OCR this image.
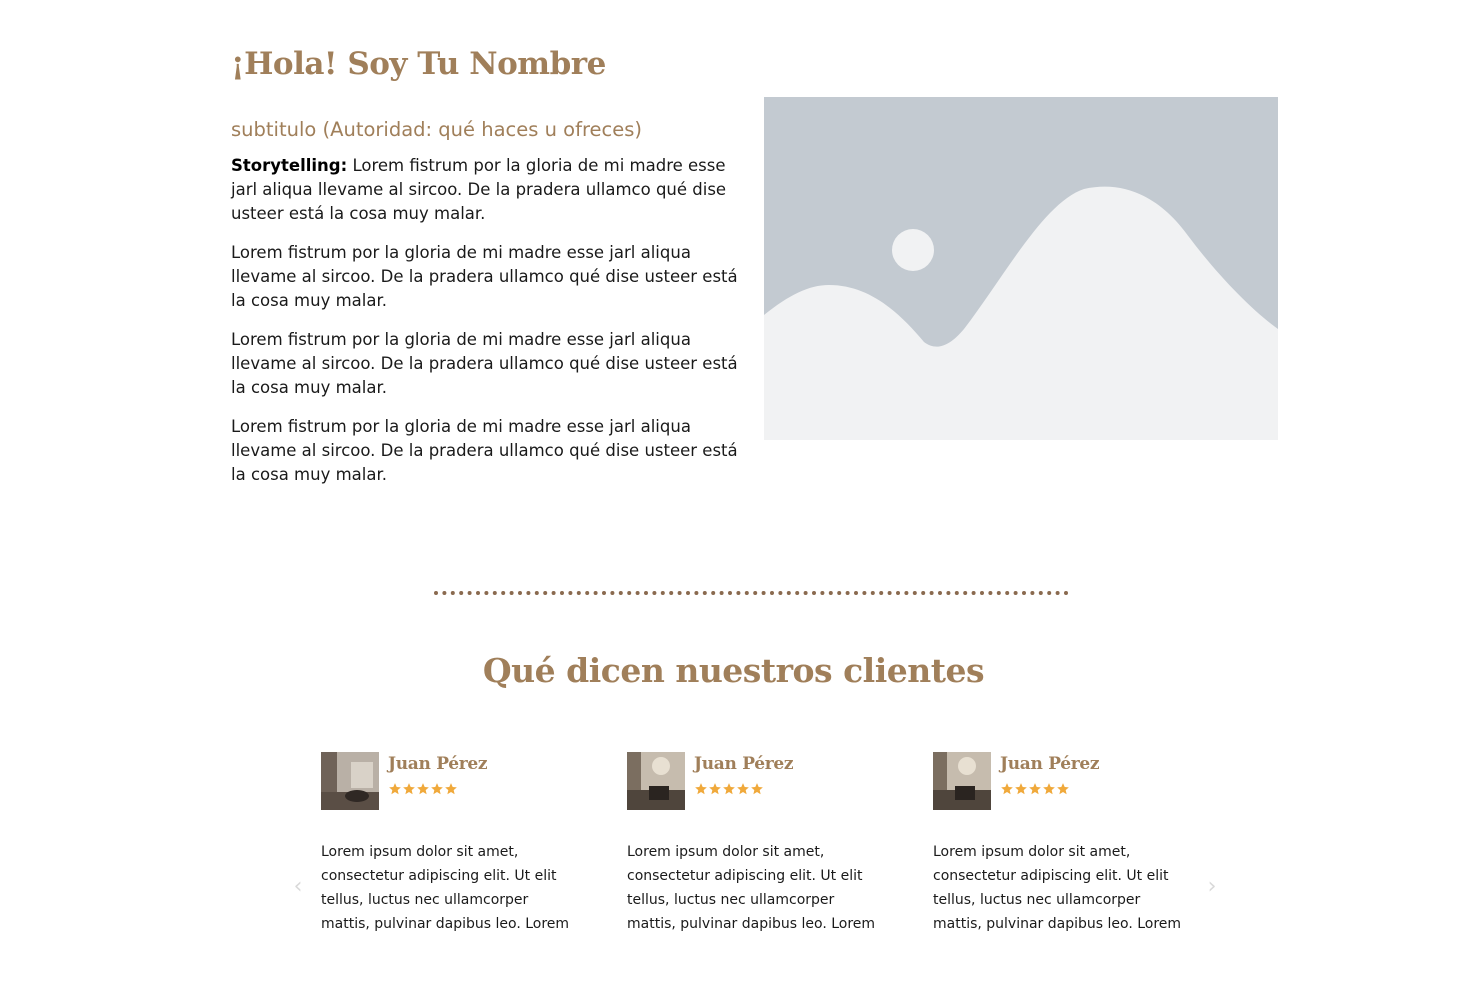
¡Hola! Soy Tu Nombre
subtitulo (Autoridad: qué haces u ofreces)

Storytelling: Lorem fistrum por la gloria de mi madre esse jarl aliqua llevame al sircoo. De la pradera ullamco qué dise usteer está la cosa muy malar.

Lorem fistrum por la gloria de mi madre esse jarl aliqua llevame al sircoo. De la pradera ullamco qué dise usteer está la cosa muy malar.

Lorem fistrum por la gloria de mi madre esse jarl aliqua llevame al sircoo. De la pradera ullamco qué dise usteer está la cosa muy malar.

Lorem fistrum por la gloria de mi madre esse jarl aliqua llevame al sircoo. De la pradera ullamco qué dise usteer está la cosa muy malar.

Qué dicen nuestros clientes
‹	›
Juan Pérez

Lorem ipsum dolor sit amet, consectetur adipiscing elit. Ut elit tellus, luctus nec ullamcorper mattis, pulvinar dapibus leo. Lorem

Juan Pérez

Lorem ipsum dolor sit amet, consectetur adipiscing elit. Ut elit tellus, luctus nec ullamcorper mattis, pulvinar dapibus leo. Lorem

Juan Pérez

Lorem ipsum dolor sit amet, consectetur adipiscing elit. Ut elit tellus, luctus nec ullamcorper mattis, pulvinar dapibus leo. Lorem
